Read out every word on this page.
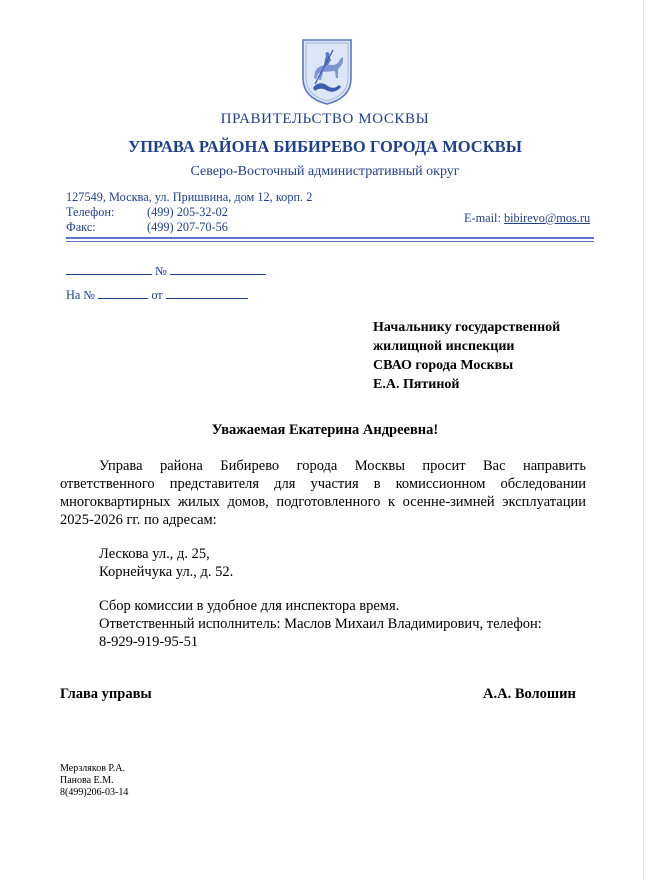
ПРАВИТЕЛЬСТВО МОСКВЫ
УПРАВА РАЙОНА БИБИРЕВО ГОРОДА МОСКВЫ
Северо-Восточный административный округ
127549, Москва, ул. Пришвина, дом 12, корп. 2
Телефон:	(499) 205-32-02
Факс:	(499) 207-70-56
E-mail: bibirevo@mos.ru
№
На №	от
Начальнику государственной
жилищной инспекции
СВАО города Москвы
Е.А. Пятиной
Уважаемая Екатерина Андреевна!
Управа района Бибирево города Москвы просит Вас направить ответственного представителя для участия в комиссионном обследовании многоквартирных жилых домов, подготовленного к осенне-зимней эксплуатации 2025-2026 гг. по адресам:
Лескова ул., д. 25,
Корнейчука ул., д. 52.
Сбор комиссии в удобное для инспектора время.
Ответственный исполнитель: Маслов Михаил Владимирович, телефон:
8-929-919-95-51
Глава управы	А.А. Волошин
Мерзляков Р.А.
Панова Е.М.
8(499)206-03-14
